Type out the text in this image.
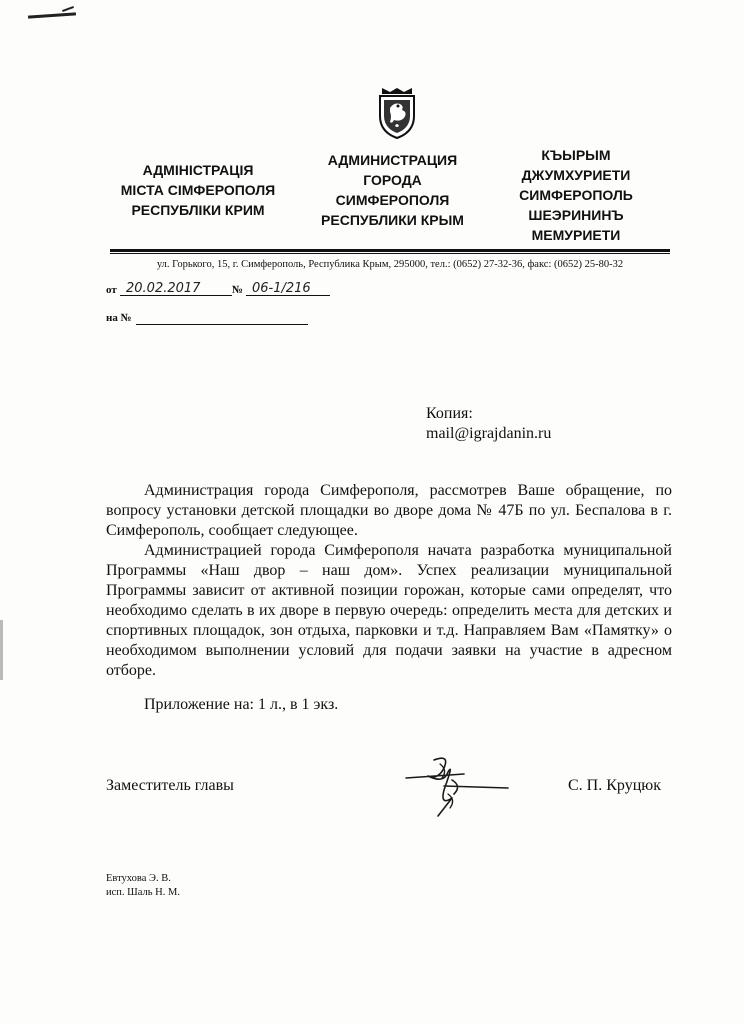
АДМІНІСТРАЦІЯ
МІСТА СІМФЕРОПОЛЯ
РЕСПУБЛІКИ КРИМ
АДМИНИСТРАЦИЯ
ГОРОДА
СИМФЕРОПОЛЯ
РЕСПУБЛИКИ КРЫМ
КЪЫРЫМ
ДЖУМХУРИЕТИ
СИМФЕРОПОЛЬ
ШЕЭРИНИНЪ
МЕМУРИЕТИ
ул. Горького, 15, г. Симферополь, Республика Крым, 295000, тел.: (0652) 27-32-36, факс: (0652) 25-80-32
от 20.02.2017	№ 06-1/216
на №
Копия:
mail@igrajdanin.ru

Администрация города Симферополя, рассмотрев Ваше обращение, по вопросу установки детской площадки во дворе дома № 47Б по ул. Беспалова в г. Симферополь, сообщает следующее.

Администрацией города Симферополя начата разработка муниципальной Программы «Наш двор – наш дом». Успех реализации муниципальной Программы зависит от активной позиции горожан, которые сами определят, что необходимо сделать в их дворе в первую очередь: определить места для детских и спортивных площадок, зон отдыха, парковки и т.д. Направляем Вам «Памятку» о необходимом выполнении условий для подачи заявки на участие в адресном отборе.

Приложение на: 1 л., в 1 экз.
Заместитель главы	С. П. Круцюк
Евтухова Э. В.
исп. Шаль Н. М.
